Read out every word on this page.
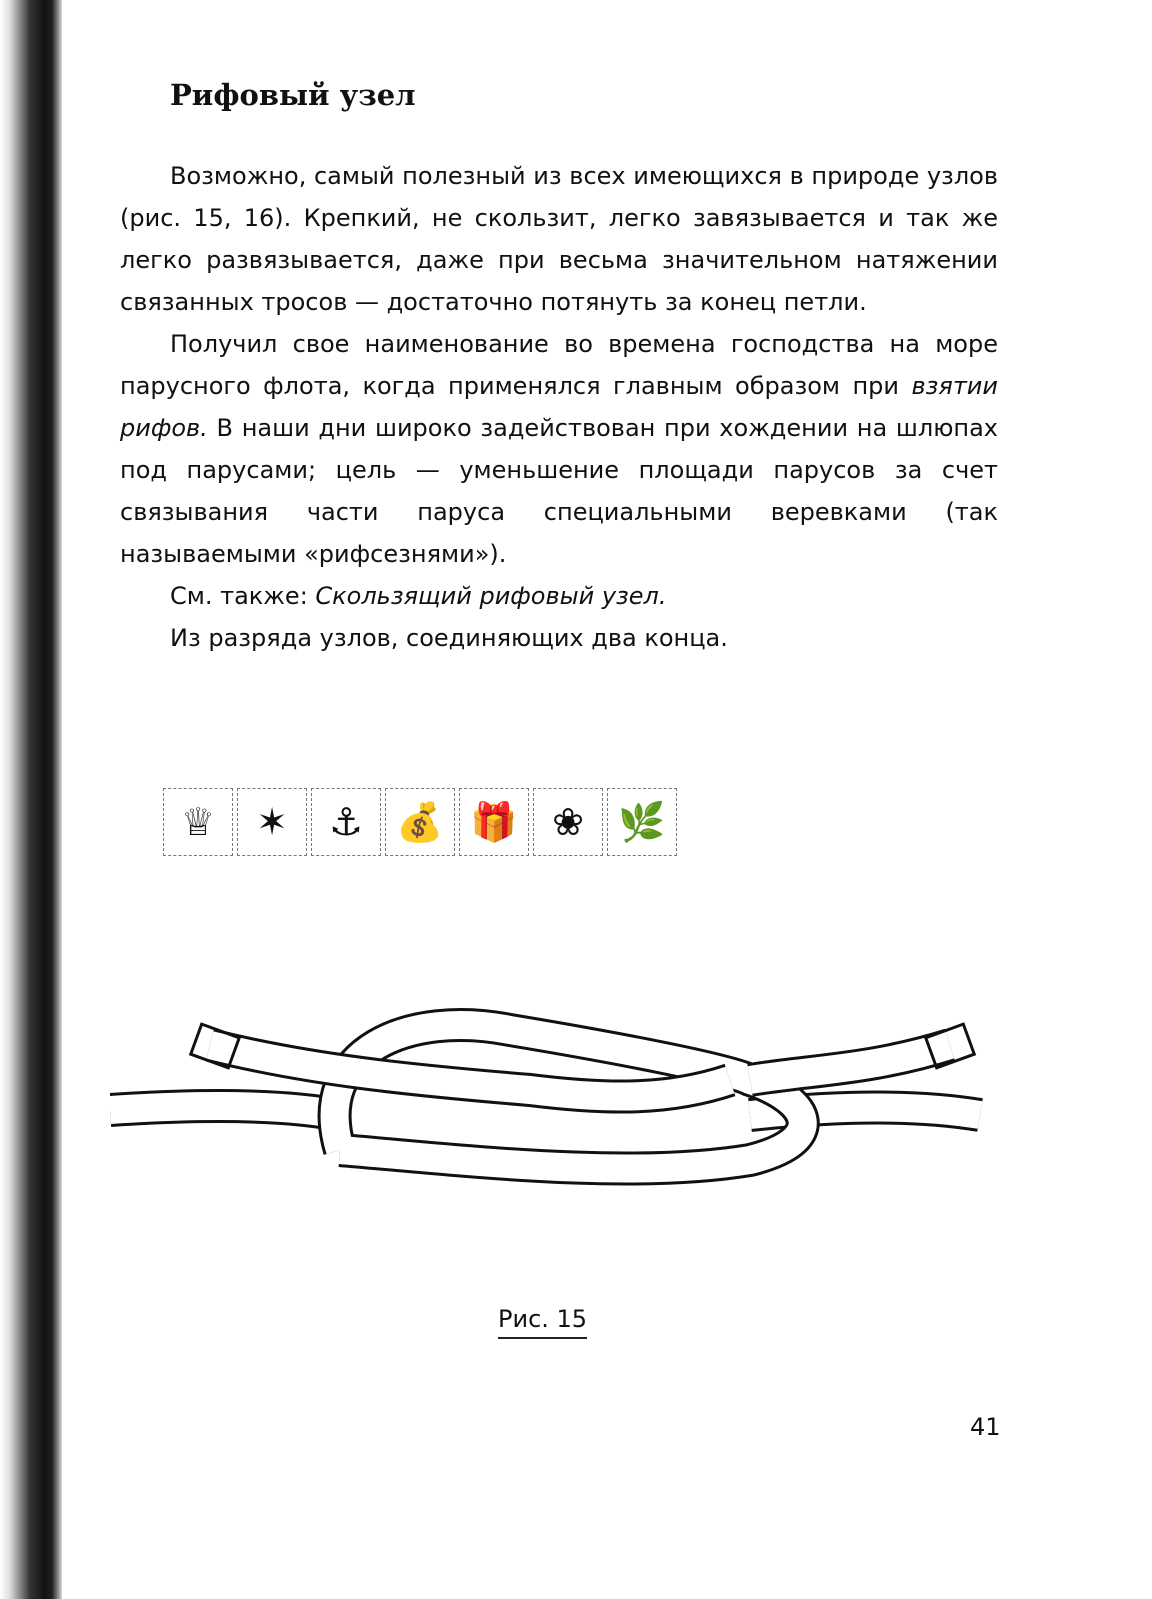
Рифовый узел

Возможно, самый полезный из всех имеющихся в природе узлов (рис. 15, 16). Крепкий, не скользит, легко завязывается и так же легко развязывается, даже при весьма значительном натяжении связанных тросов — достаточно потянуть за конец петли.

Получил свое наименование во времена господства на море парусного флота, когда применялся главным образом при взятии рифов. В наши дни широко задействован при хождении на шлюпах под парусами; цель — уменьшение площади парусов за счет связывания части паруса специальными веревками (так называемыми «рифсезнями»).

См. также: Скользящий рифовый узел.

Из разряда узлов, соединяющих два конца.

♕	✶	⚓ 💰 🎁 ❀ 🌿
Рис. 15
41
